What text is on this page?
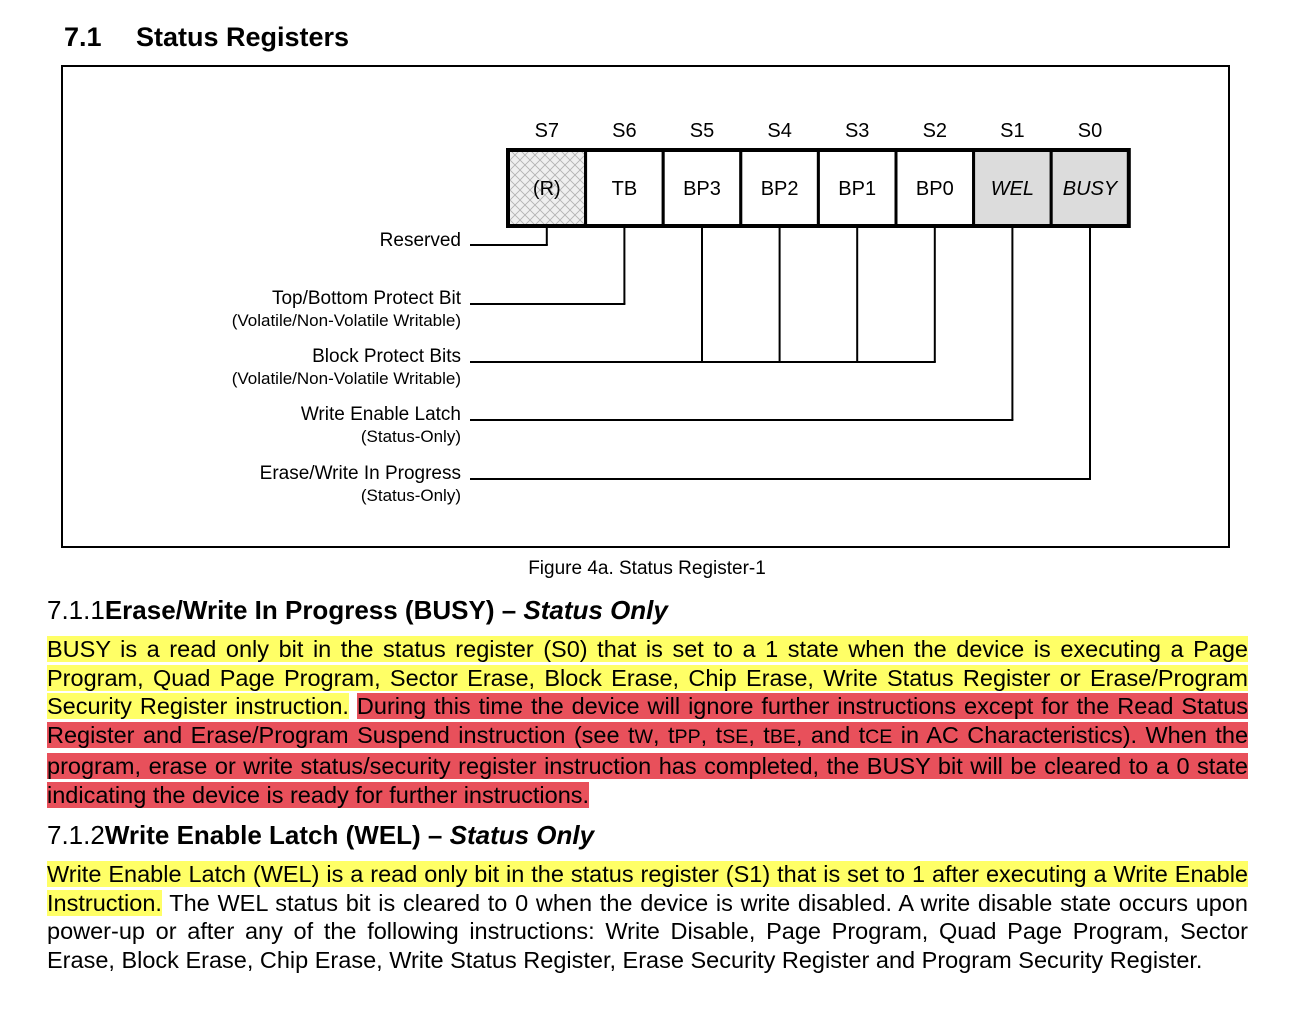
7.1 Status Registers
S7	S6	S5	S4	S3	S2	S1	S0
(R)	TB BP3 BP2 BP1 BP0 WEL BUSY
Reserved
Top/Bottom Protect Bit
(Volatile/Non-Volatile Writable)
Block Protect Bits
(Volatile/Non-Volatile Writable)
Write Enable Latch
(Status-Only)
Erase/Write In Progress
(Status-Only)
Figure 4a. Status Register-1
7.1.1Erase/Write In Progress (BUSY) – Status Only
BUSY is a read only bit in the status register (S0) that is set to a 1 state when the device is executing a Page Program, Quad Page Program, Sector Erase, Block Erase, Chip Erase, Write Status Register or Erase/Program Security Register instruction. During this time the device will ignore further instructions except for the Read Status Register and Erase/Program Suspend instruction (see tW, tPP, tSE, tBE, and tCE in AC Characteristics). When the program, erase or write status/security register instruction has completed, the BUSY bit will be cleared to a 0 state indicating the device is ready for further instructions.
7.1.2Write Enable Latch (WEL) – Status Only
Write Enable Latch (WEL) is a read only bit in the status register (S1) that is set to 1 after executing a Write Enable Instruction. The WEL status bit is cleared to 0 when the device is write disabled. A write disable state occurs upon power-up or after any of the following instructions: Write Disable, Page Program, Quad Page Program, Sector Erase, Block Erase, Chip Erase, Write Status Register, Erase Security Register and Program Security Register.
